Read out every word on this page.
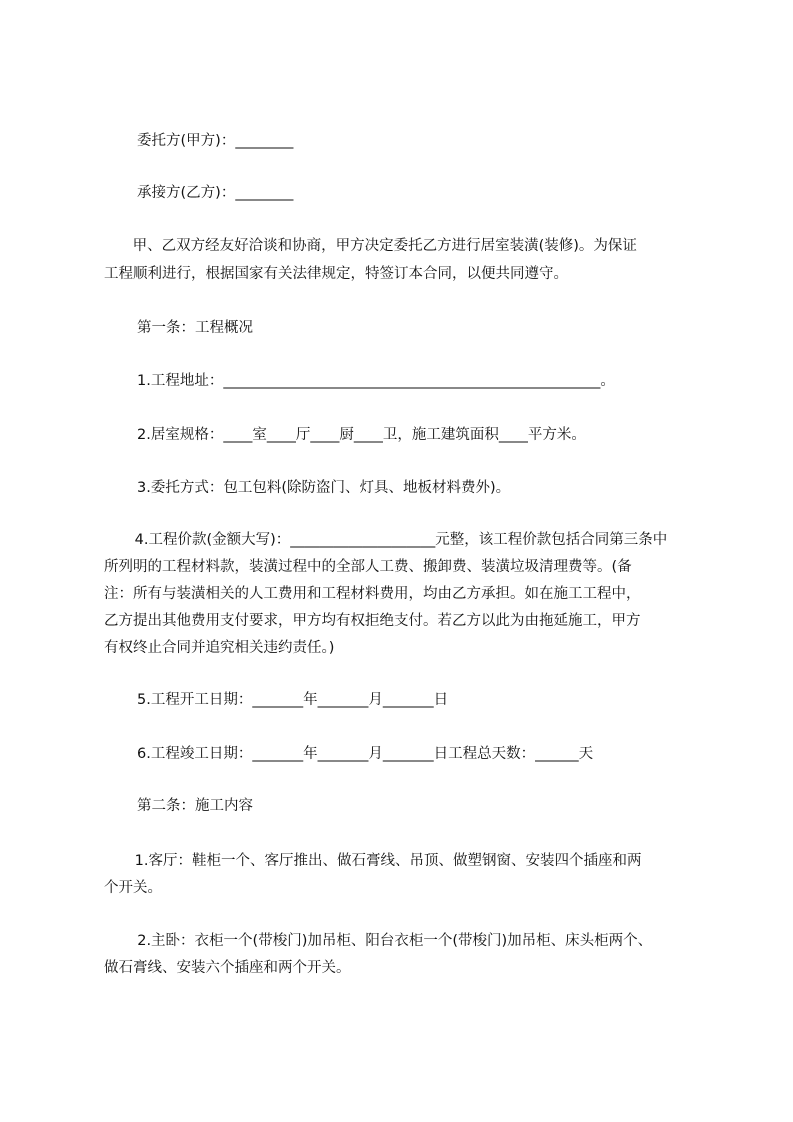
委托方(甲方)：________
承接方(乙方)：________
甲、乙双方经友好洽谈和协商，甲方决定委托乙方进行居室装潢(装修)。为保证
工程顺利进行，根据国家有关法律规定，特签订本合同，以便共同遵守。
第一条：工程概况
1.工程地址：____________________________________________________。
2.居室规格：____室____厅____厨____卫，施工建筑面积____平方米。
3.委托方式：包工包料(除防盗门、灯具、地板材料费外)。
4.工程价款(金额大写)：____________________元整，该工程价款包括合同第三条中
所列明的工程材料款，装潢过程中的全部人工费、搬卸费、装潢垃圾清理费等。(备
注：所有与装潢相关的人工费用和工程材料费用，均由乙方承担。如在施工工程中，
乙方提出其他费用支付要求，甲方均有权拒绝支付。若乙方以此为由拖延施工，甲方
有权终止合同并追究相关违约责任。)
5.工程开工日期：_______年_______月_______日
6.工程竣工日期：_______年_______月_______日工程总天数：______天
第二条：施工内容
1.客厅：鞋柜一个、客厅推出、做石膏线、吊顶、做塑钢窗、安装四个插座和两
个开关。
2.主卧：衣柜一个(带梭门)加吊柜、阳台衣柜一个(带梭门)加吊柜、床头柜两个、
做石膏线、安装六个插座和两个开关。
